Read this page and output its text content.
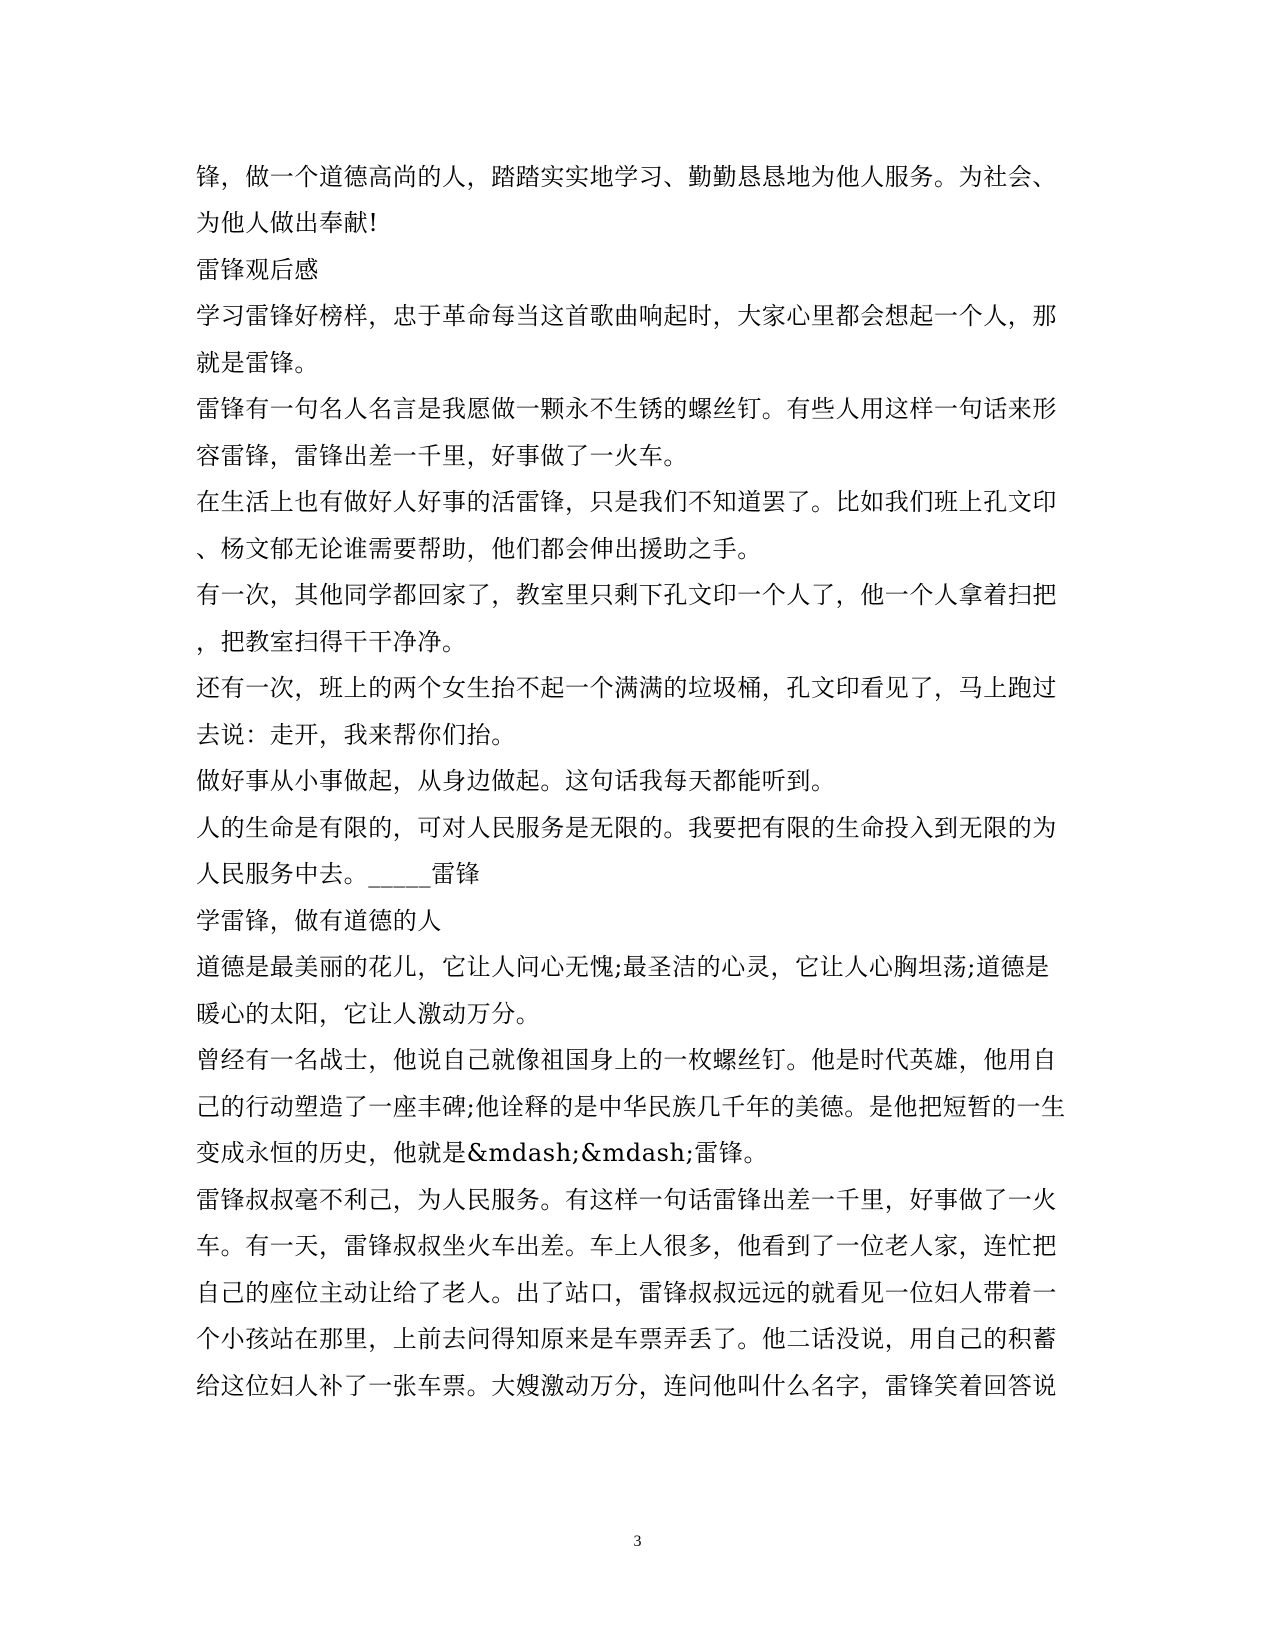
锋，做一个道德高尚的人，踏踏实实地学习、勤勤恳恳地为他人服务。为社会、
为他人做出奉献!
雷锋观后感
学习雷锋好榜样，忠于革命每当这首歌曲响起时，大家心里都会想起一个人，那
就是雷锋。
雷锋有一句名人名言是我愿做一颗永不生锈的螺丝钉。有些人用这样一句话来形
容雷锋，雷锋出差一千里，好事做了一火车。
在生活上也有做好人好事的活雷锋，只是我们不知道罢了。比如我们班上孔文印
、杨文郁无论谁需要帮助，他们都会伸出援助之手。
有一次，其他同学都回家了，教室里只剩下孔文印一个人了，他一个人拿着扫把
，把教室扫得干干净净。
还有一次，班上的两个女生抬不起一个满满的垃圾桶，孔文印看见了，马上跑过
去说：走开，我来帮你们抬。
做好事从小事做起，从身边做起。这句话我每天都能听到。
人的生命是有限的，可对人民服务是无限的。我要把有限的生命投入到无限的为
人民服务中去。_____雷锋
学雷锋，做有道德的人
道德是最美丽的花儿，它让人问心无愧;最圣洁的心灵，它让人心胸坦荡;道德是
暖心的太阳，它让人激动万分。
曾经有一名战士，他说自己就像祖国身上的一枚螺丝钉。他是时代英雄，他用自
己的行动塑造了一座丰碑;他诠释的是中华民族几千年的美德。是他把短暂的一生
变成永恒的历史，他就是&mdash;&mdash;雷锋。
雷锋叔叔毫不利己，为人民服务。有这样一句话雷锋出差一千里，好事做了一火
车。有一天，雷锋叔叔坐火车出差。车上人很多，他看到了一位老人家，连忙把
自己的座位主动让给了老人。出了站口，雷锋叔叔远远的就看见一位妇人带着一
个小孩站在那里，上前去问得知原来是车票弄丢了。他二话没说，用自己的积蓄
给这位妇人补了一张车票。大嫂激动万分，连问他叫什么名字，雷锋笑着回答说
3
